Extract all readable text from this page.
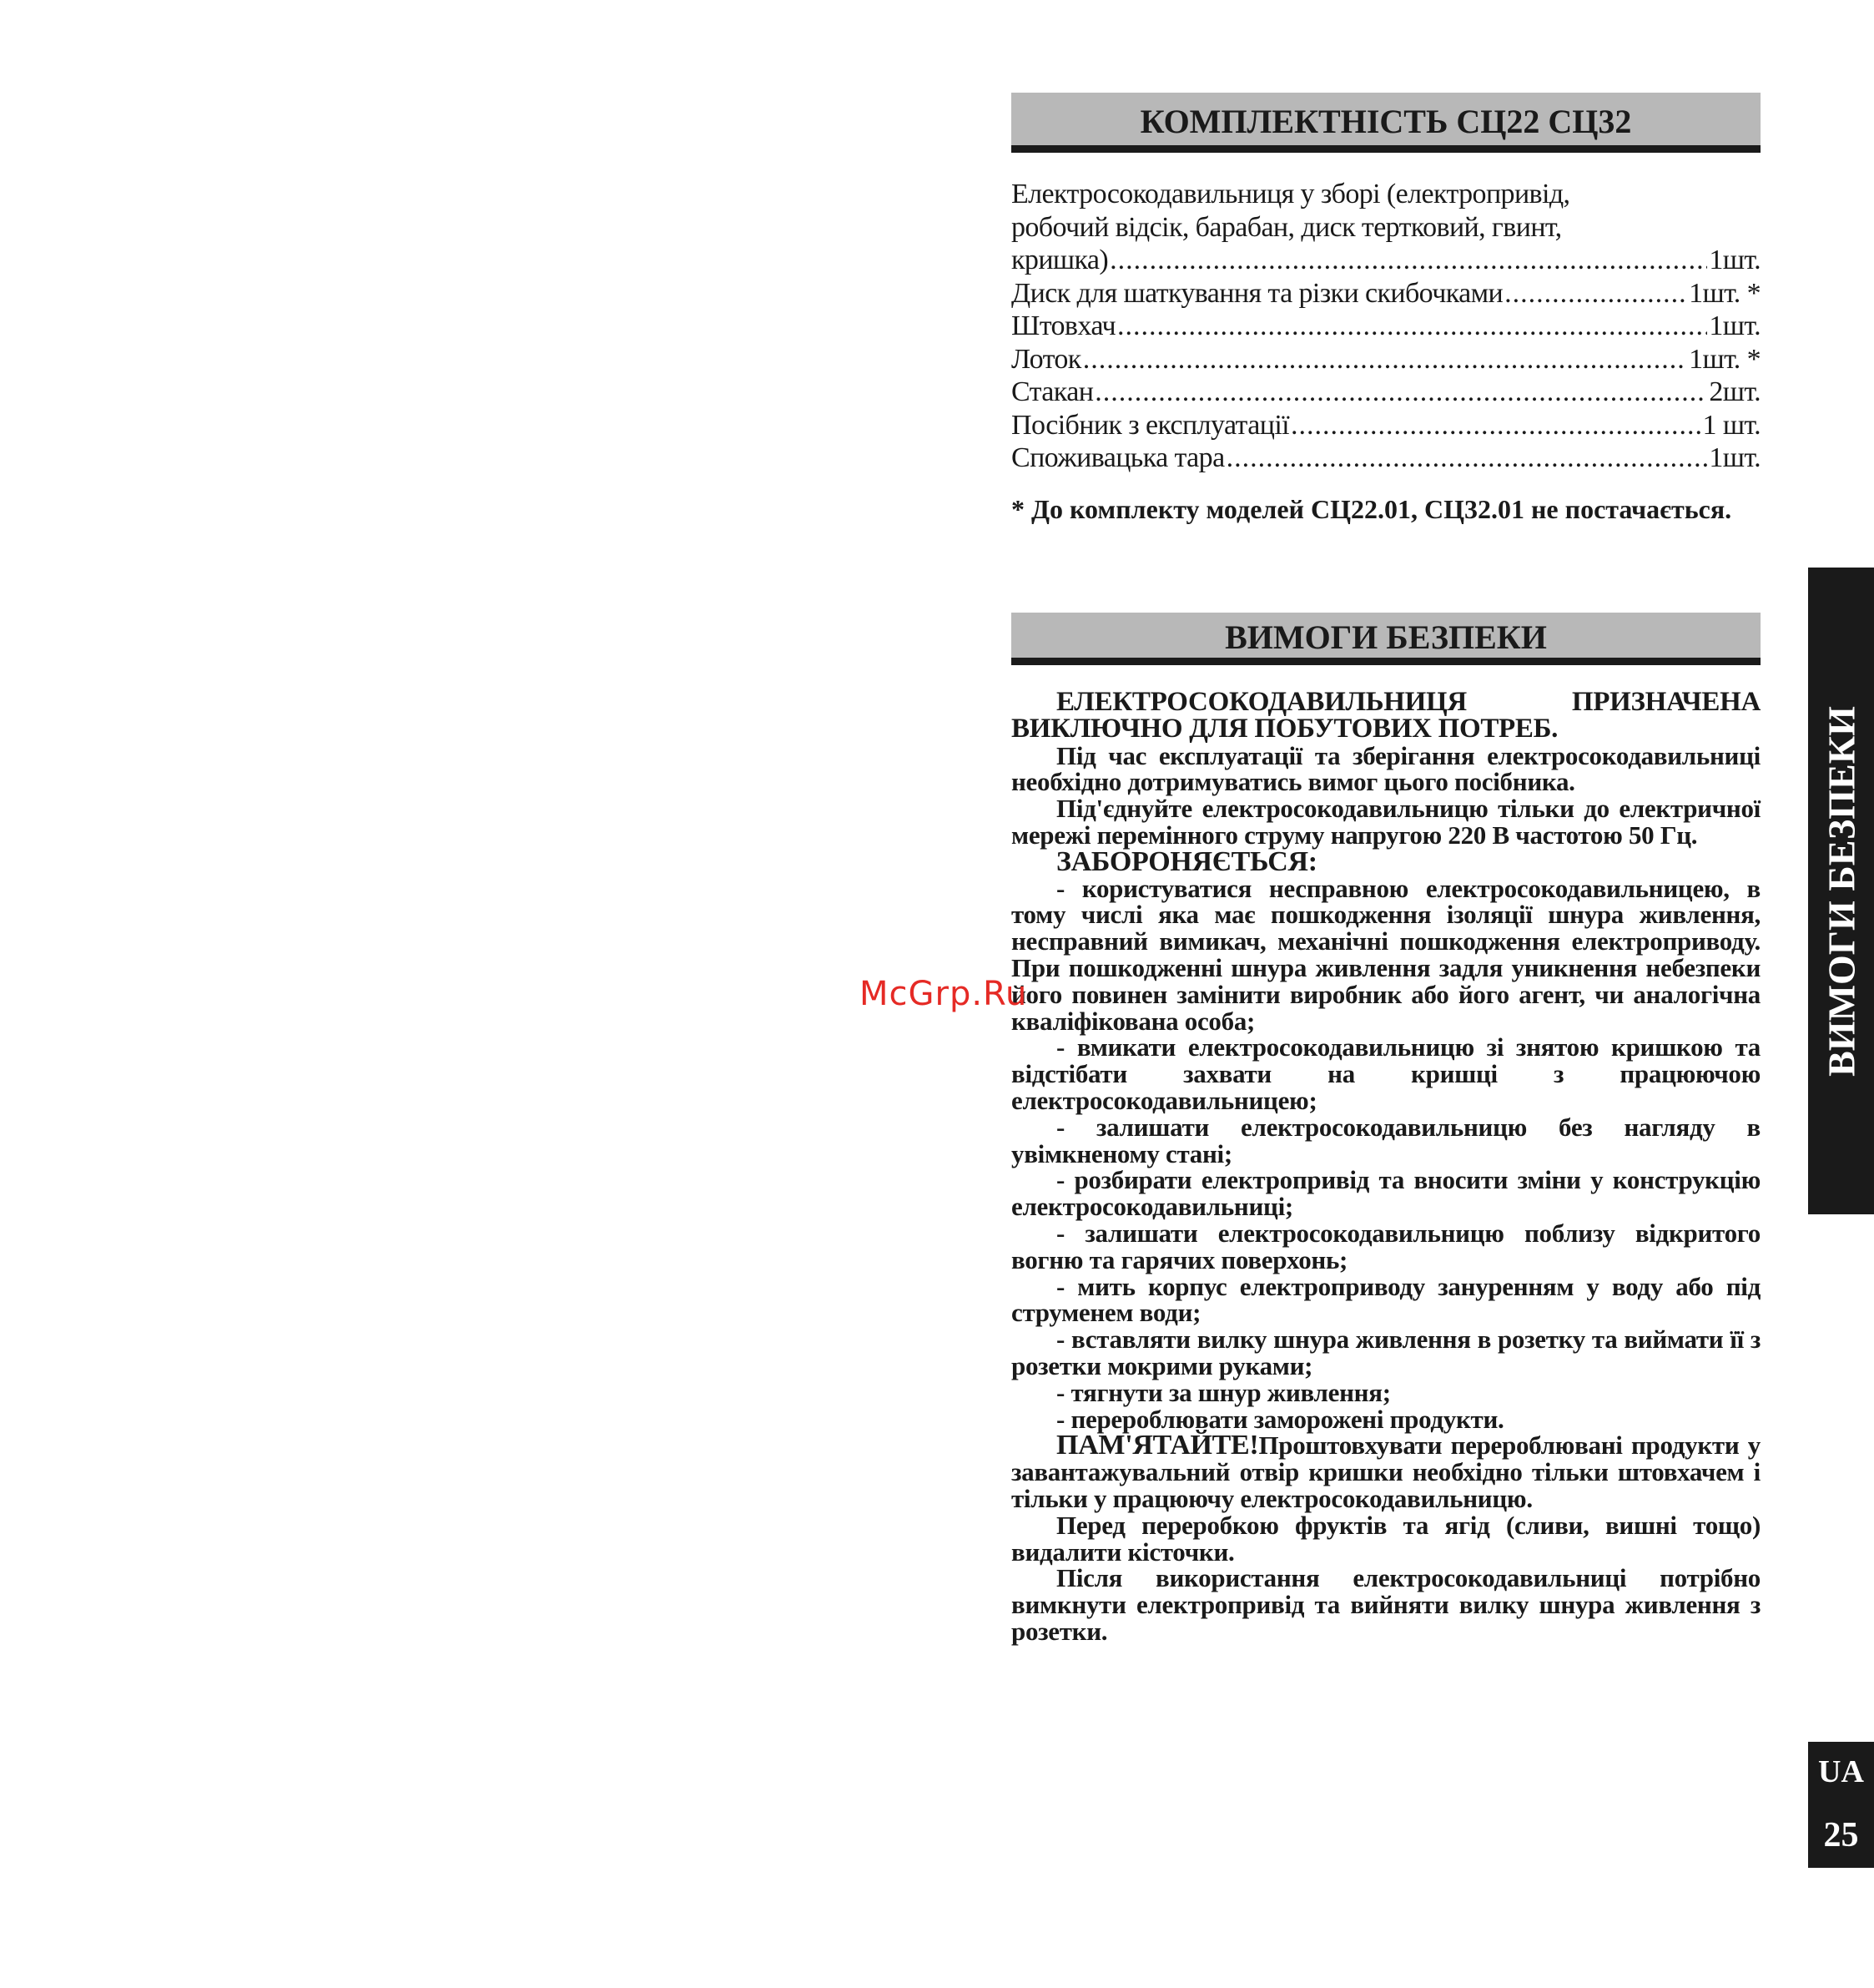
КОМПЛЕКТНІСТЬ СЦ22 СЦ32
Електросокодавильниця у зборі (електропривід,
робочий відсік, барабан, диск тертковий, гвинт,
кришка) .....	1шт.
Диск для шаткування та різки скибочками .....	1шт. *
Штовхач .....	1шт.
Лоток .....	1шт. *
Стакан .....	2шт.
Посібник з експлуатації .....	1 шт.
Споживацька тара .....	1шт.
* До комплекту моделей СЦ22.01, СЦ32.01 не постачається.
ВИМОГИ БЕЗПЕКИ

ЕЛЕКТРОСОКОДАВИЛЬНИЦЯ ПРИЗНАЧЕНА ВИКЛЮЧНО ДЛЯ ПОБУТОВИХ ПОТРЕБ.

Під час експлуатації та зберігання електросокодавильниці необхідно дотримуватись вимог цього посібника.

Під'єднуйте електросокодавильницю тільки до електричної мережі перемінного струму напругою 220 В частотою 50 Гц.

ЗАБОРОНЯЄТЬСЯ:

- користуватися несправною електросокодавильницею, в тому числі яка має пошкодження ізоляції шнура живлення, несправний вимикач, механічні пошкодження електроприводу. При пошкодженні шнура живлення задля уникнення небезпеки його повинен замінити виробник або його агент, чи аналогічна кваліфікована особа;

- вмикати електросокодавильницю зі знятою кришкою та відстібати захвати на кришці з працюючою електросокодавильницею;

- залишати електросокодавильницю без нагляду в увімкненому стані;

- розбирати електропривід та вносити зміни у конструкцію електросокодавильниці;

- залишати електросокодавильницю поблизу відкритого вогню та гарячих поверхонь;

- мить корпус електроприводу зануренням у воду або під струменем води;

- вставляти вилку шнура живлення в розетку та виймати її з розетки мокрими руками;

- тягнути за шнур живлення;

- перероблювати заморожені продукти.

ПАМ'ЯТАЙТЕ!Проштовхувати перероблювані продукти у завантажувальний отвір кришки необхідно тільки штовхачем і тільки у працюючу електросокодавильницю.

Перед переробкою фруктів та ягід (сливи, вишні тощо) видалити кісточки.

Після використання електросокодавильниці потрібно вимкнути електропривід та вийняти вилку шнура живлення з розетки.

ВИМОГИ БЕЗПЕКИ
UA
25
McGrp.Ru
